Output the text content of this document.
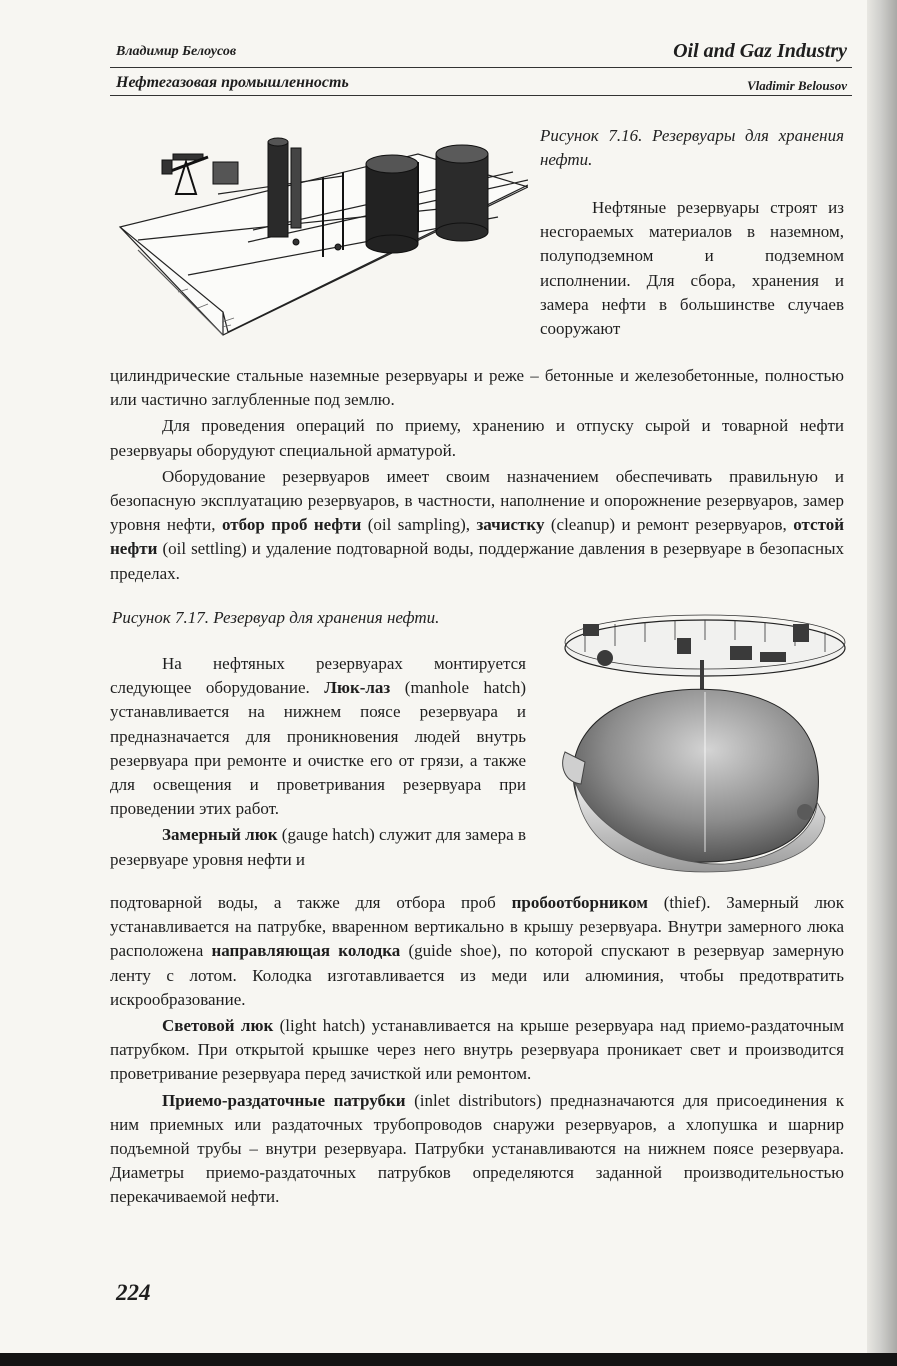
Владимир Белоусов	Oil and Gaz Industry
Нефтегазовая промышленность	Vladimir Belousov
Рисунок 7.16. Резервуары для хранения нефти.

Нефтяные резервуары строят из несгораемых материалов в наземном, полуподземном и подземном исполнении. Для сбора, хранения и замера нефти в большинстве случаев сооружают

цилиндрические стальные наземные резервуары и реже – бетонные и железобетонные, полностью или частично заглубленные под землю.

Для проведения операций по приему, хранению и отпуску сырой и товарной нефти резервуары оборудуют специальной арматурой.

Оборудование резервуаров имеет своим назначением обеспечивать правильную и безопасную эксплуатацию резервуаров, в частности, наполнение и опорожнение резервуаров, замер уровня нефти, отбор проб нефти (oil sampling), зачистку (cleanup) и ремонт резервуаров, отстой нефти (oil settling) и удаление подтоварной воды, поддержание давления в резервуаре в безопасных пределах.

Рисунок 7.17. Резервуар для хранения нефти.

На нефтяных резервуарах монтируется следующее оборудование. Люк-лаз (manhole hatch) устанавливается на нижнем поясе резервуара и предназначается для проникновения людей внутрь резервуара при ремонте и очистке его от грязи, а также для освещения и проветривания резервуара при проведении этих работ.

Замерный люк (gauge hatch) служит для замера в резервуаре уровня нефти и

подтоварной воды, а также для отбора проб пробоотборником (thief). Замерный люк устанавливается на патрубке, вваренном вертикально в крышу резервуара. Внутри замерного люка расположена направляющая колодка (guide shoe), по которой спускают в резервуар замерную ленту с лотом. Колодка изготавливается из меди или алюминия, чтобы предотвратить искрообразование.

Световой люк (light hatch) устанавливается на крыше резервуара над приемо-раздаточным патрубком. При открытой крышке через него внутрь резервуара проникает свет и производится проветривание резервуара перед зачисткой или ремонтом.

Приемо-раздаточные патрубки (inlet distributors) предназначаются для присоединения к ним приемных или раздаточных трубопроводов снаружи резервуаров, а хлопушка и шарнир подъемной трубы – внутри резервуара. Патрубки устанавливаются на нижнем поясе резервуара. Диаметры приемо-раздаточных патрубков определяются заданной производительностью перекачиваемой нефти.

224
